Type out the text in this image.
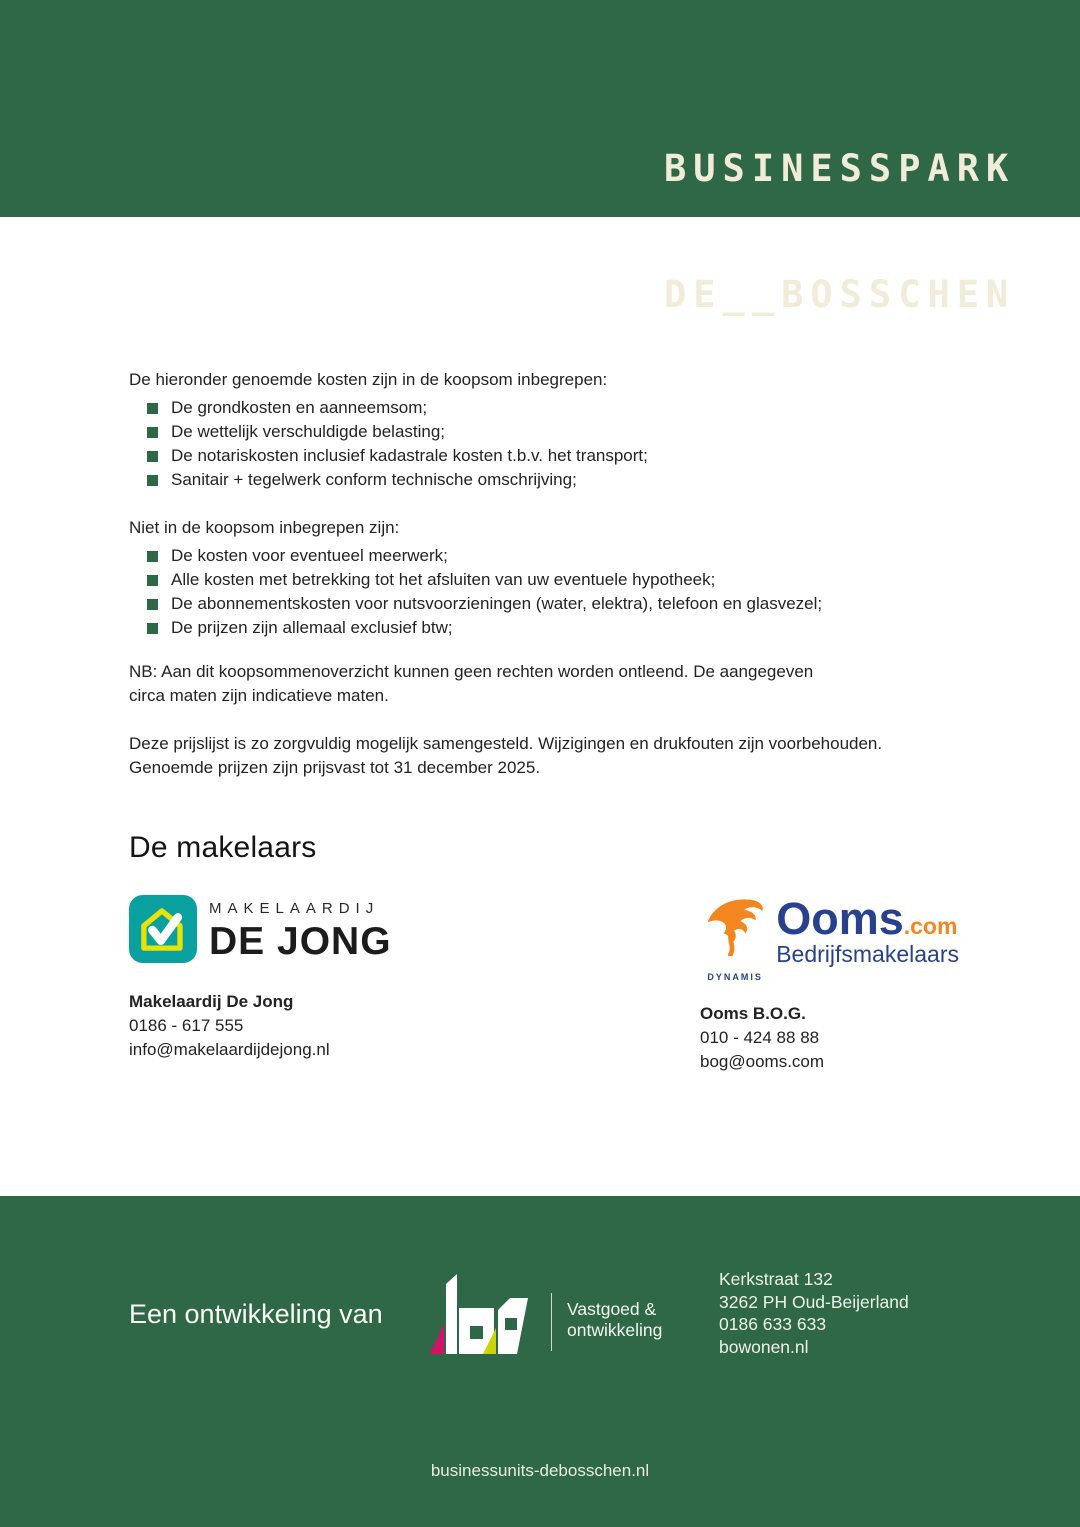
BUSINESSPARK

DE__BOSSCHEN

De hieronder genoemde kosten zijn in de koopsom inbegrepen:

De grondkosten en aanneemsom;
De wettelijk verschuldigde belasting;
De notariskosten inclusief kadastrale kosten t.b.v. het transport;
Sanitair + tegelwerk conform technische omschrijving;

Niet in de koopsom inbegrepen zijn:

De kosten voor eventueel meerwerk;
Alle kosten met betrekking tot het afsluiten van uw eventuele hypotheek;
De abonnementskosten voor nutsvoorzieningen (water, elektra), telefoon en glasvezel;
De prijzen zijn allemaal exclusief btw;

NB: Aan dit koopsommenoverzicht kunnen geen rechten worden ontleend. De aangegeven
circa maten zijn indicatieve maten.

Deze prijslijst is zo zorgvuldig mogelijk samengesteld. Wijzigingen en drukfouten zijn voorbehouden.
Genoemde prijzen zijn prijsvast tot 31 december 2025.

De makelaars
MAKELAARDIJ
DE JONG
Makelaardij De Jong
0186 - 617 555
info@makelaardijdejong.nl
DYNAMIS
Ooms.com
Bedrijfsmakelaars
Ooms B.O.G.
010 - 424 88 88
bog@ooms.com
Een ontwikkeling van	Vastgoed &
ontwikkeling
Kerkstraat 132
3262 PH Oud-Beijerland
0186 633 633
bowonen.nl
businessunits-debosschen.nl
